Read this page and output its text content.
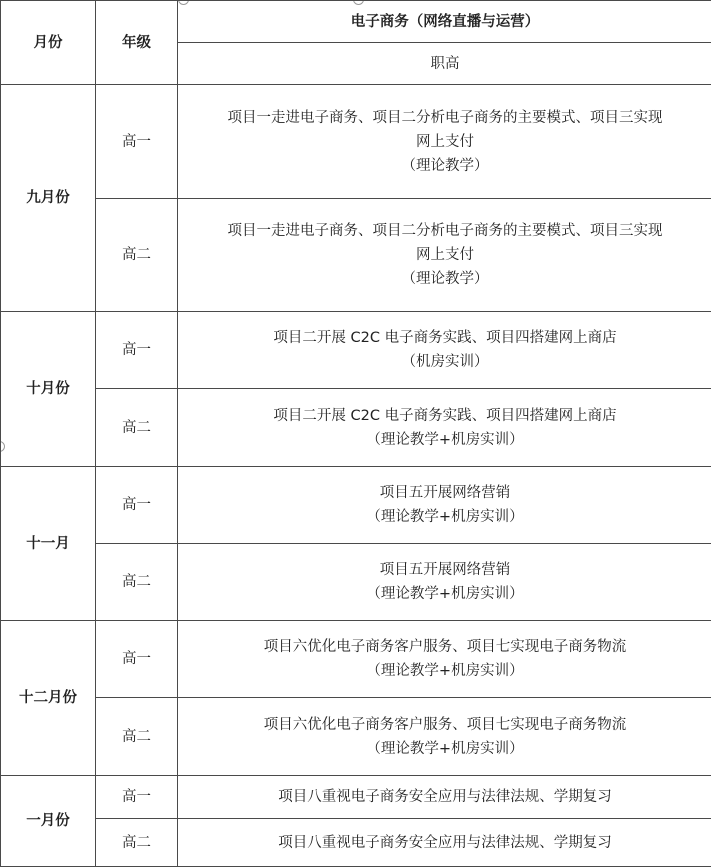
月份	年级	电子商务（网络直播与运营）
		职高
九月份	高一	项目一走进电子商务、项目二分析电子商务的主要模式、项目三实现
网上支付
（理论教学）

	高二	项目一走进电子商务、项目二分析电子商务的主要模式、项目三实现
网上支付
（理论教学）

十月份	高一	项目二开展 C2C 电子商务实践、项目四搭建网上商店
（机房实训）

	高二	项目二开展 C2C 电子商务实践、项目四搭建网上商店
（理论教学+机房实训）

十一月	高一	项目五开展网络营销
（理论教学+机房实训）

	高二	项目五开展网络营销
（理论教学+机房实训）

十二月份	高一	项目六优化电子商务客户服务、项目七实现电子商务物流
（理论教学+机房实训）

	高二	项目六优化电子商务客户服务、项目七实现电子商务物流
（理论教学+机房实训）

一月份	高一	项目八重视电子商务安全应用与法律法规、学期复习

	高二	项目八重视电子商务安全应用与法律法规、学期复习
